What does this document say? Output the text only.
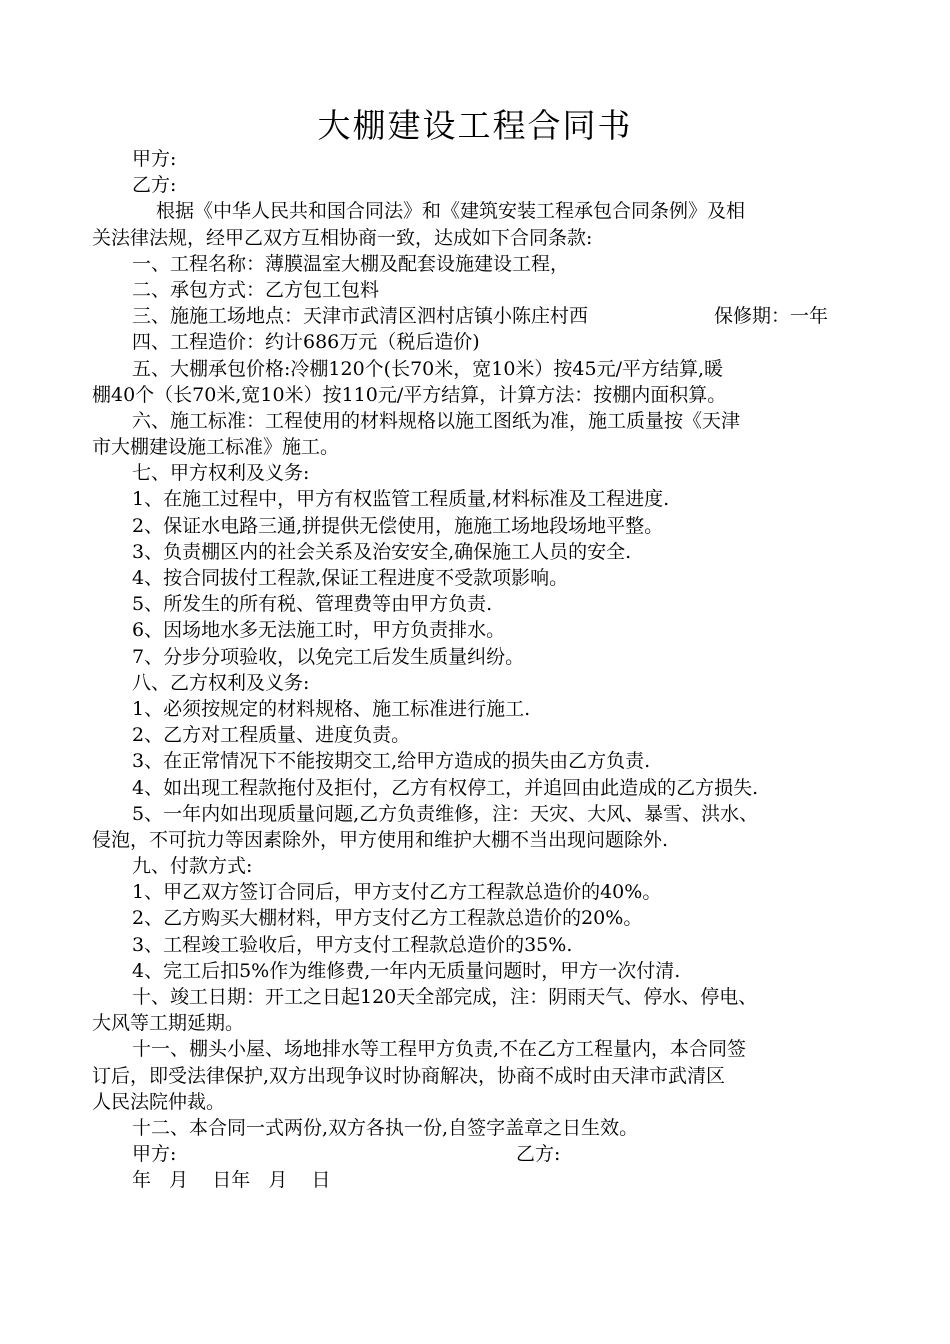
大棚建设工程合同书
甲方:
乙方:
根据《中华人民共和国合同法》和《建筑安装工程承包合同条例》及相
关法律法规，经甲乙双方互相协商一致，达成如下合同条款:
一、工程名称：薄膜温室大棚及配套设施建设工程，
二、承包方式：乙方包工包料
三、施施工场地点：天津市武清区泗村店镇小陈庄村西	保修期：一年
四、工程造价：约计686万元（税后造价)
五、大棚承包价格:冷棚120个(长70米，宽10米）按45元/平方结算,暖
棚40个（长70米,宽10米）按110元/平方结算，计算方法：按棚内面积算。
六、施工标准：工程使用的材料规格以施工图纸为准，施工质量按《天津
市大棚建设施工标准》施工。
七、甲方权利及义务:
1、在施工过程中，甲方有权监管工程质量,材料标准及工程进度.
2、保证水电路三通,拼提供无偿使用，施施工场地段场地平整。
3、负责棚区内的社会关系及治安安全,确保施工人员的安全.
4、按合同拔付工程款,保证工程进度不受款项影响。
5、所发生的所有税、管理费等由甲方负责.
6、因场地水多无法施工时，甲方负责排水。
7、分步分项验收，以免完工后发生质量纠纷。
八、乙方权利及义务:
1、必须按规定的材料规格、施工标准进行施工.
2、乙方对工程质量、进度负责。
3、在正常情况下不能按期交工,给甲方造成的损失由乙方负责.
4、如出现工程款拖付及拒付，乙方有权停工，并追回由此造成的乙方损失.
5、一年内如出现质量问题,乙方负责维修，注：天灾、大风、暴雪、洪水、
侵泡，不可抗力等因素除外，甲方使用和维护大棚不当出现问题除外.
九、付款方式:
1、甲乙双方签订合同后，甲方支付乙方工程款总造价的40%。
2、乙方购买大棚材料，甲方支付乙方工程款总造价的20%。
3、工程竣工验收后，甲方支付工程款总造价的35%.
4、完工后扣5%作为维修费,一年内无质量问题时，甲方一次付清.
十、竣工日期：开工之日起120天全部完成，注：阴雨天气、停水、停电、
大风等工期延期。
十一、棚头小屋、场地排水等工程甲方负责,不在乙方工程量内，本合同签
订后，即受法律保护,双方出现争议时协商解决，协商不成时由天津市武清区
人民法院仲裁。
十二、本合同一式两份,双方各执一份,自签字盖章之日生效。
甲方:	乙方:
年   月    日年   月    日
